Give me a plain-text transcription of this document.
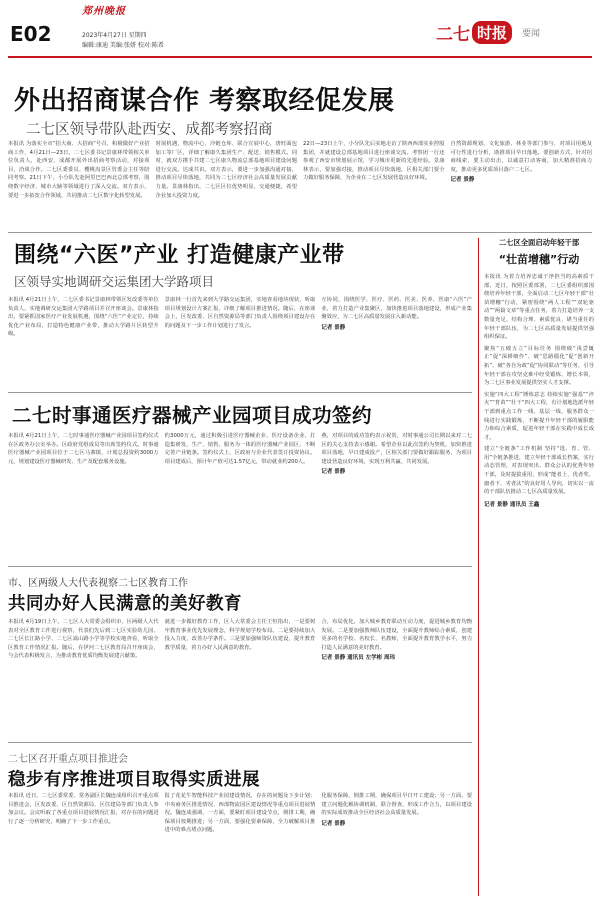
E02
郑州晚报
2023年4月27日 星期四
编辑:康迪 美编:张妍 校对:陈希
二七 时报	要闻
外出招商谋合作 考察取经促发展
二七区领导带队赴西安、成都考察招商
本报讯 为落实全市“招大商、大招商”号召，积极做好产业招商工作，4月21日—23日，二七区委书记景康林带领相关单位负责人，赴西安、成都开展外出招商考察活动，对接项目，洽谈合作。二七区委委员、樱桃沟景区管委会主任等陪同考察。21日下午，小分队先赴阿里巴巴西北总部考察，围绕数字经济、城市大脑等领域进行了深入交流。双方表示，要进一步拓宽合作领域，共同推动二七区数字化转型发展。
时展机遇，物流中心、冷链仓库、联合宣展中心，唐旺面包加工等厂区，详细了解康久集团生产、配送、销售模式。同时，就双方携手共建二七区康久物流总部基地项目建设问题进行交流。达成共识。双方表示，要进一步加强沟通对接，推动项目尽快落地，共同为二七区经济社会高质量发展贡献力量。景康林指出，二七区区位优势明显，交通便捷，希望企业加大投资力度。
22日—23日上午，小分队先后实地走访了陕西西部实业控股集团，并就建设总部基地项目进行座谈交流。考察团一行还参观了西安市规划展示馆，学习城市更新的先进经验。景康林表示，要加强对接，推动项目尽快落地，区相关部门要全力做好服务保障，为企业在二七区发展营造良好环境。
自然资源规划、文化旅游、林业等部门参与，对项目用地及可行性进行分析，助推项目早日落地。要创新方式，针对招商线索，要主动出击，以诚意打动客商，加大精准招商力度，推动更多优质项目落户二七区。
记者 景静
围绕“六医”产业 打造健康产业带
区领导实地调研交运集团大学路项目
本报讯 4月21日上午，二七区委书记景康林带领区发改委等单位负责人，实地调研交运集团大学路项目并召开座谈会。景康林指出，要紧抓国家医疗产业发展机遇，围绕“六医”产业定位，持续优化产业布局，打造特色健康产业带，推动大学路片区转型升级。
景康林一行首先来到大学路交运集团，实地查看地块现状，听取项目规划设计方案汇报，详细了解项目推进情况。随后，在座谈会上，区发改委、区自然资源局等部门负责人围绕项目建设存在的问题及下一步工作计划进行了发言。
互协同，围绕医学、医疗、医药、医美、医养、医康“六医”产业，着力打造产业集聚区，加快推进项目落地建设，形成产业集聚效应，为二七区高质量发展注入新动能。
记者 景静
二七区全面启动年轻干部
“壮苗增穗”行动

本报讯 为着力培养忠诚干净担当的高素质干部，近日，按照区委部署，二七区委组织部围绕培养年轻干部，全面启动二七区年轻干部“壮苗增穗”行动，紧密围绕“两人工程”“双轮驱动”“两篇文章”等重点任务，着力打造培养一支数量充足、结构合理、素质优良、堪当重任的年轻干部队伍，为二七区高质量发展提供坚强组织保证。

聚焦“五破五立”目标任务 围绕破“浅尝辄止”促“深耕细作”、破“思路僵化”促“创新开拓”、破“各自为政”促“协同联动”等任务，引导年轻干部在攻坚克难中经受锻炼、增长本领，为二七区事业发展提供坚实人才支撑。

实施“四大工程”锤炼意志 持续实施“强基”“淬火”“育苗”“壮干”四大工程，有计划地选派年轻干部到重点工作一线、基层一线、服务群众一线进行实践锻炼，不断提升年轻干部的履职能力和综合素质，促进年轻干部在实践中成长成才。

建立“全链条”工作机制 坚持“选、育、管、用”全链条推进，建立年轻干部成长档案，实行动态管理，对表现突出、群众公认的优秀年轻干部，及时提拔重用，形成“能者上、优者奖、庸者下、劣者汰”的良好用人导向，切实以一流的干部队伍推动二七区高质量发展。

记者 景静 通讯员 王鑫
二七时事通医疗器械产业园项目成功签约
本报讯 4月21日上午，二七时事通医疗器械产业园项目签约仪式在区政务办公室举办。区政府党组成员等出席签约仪式。时事通医疗器械产业园项目位于二七区马寨镇，计划总投资约3000万元，规划建设医疗器械研发、生产及配套服务设施。
约3000万元，通过积极引进医疗器械企业、医疗设备企业，打造集研发、生产、销售、服务为一体的医疗器械产业园区，不断完善产业链条。签约仪式上，区政府与企业代表签订投资协议。项目建成后，预计年产值可达1.57亿元，带动就业约200人。
燕，对项目的成功签约表示祝贺，对时事通公司长期以来对二七区的关心支持表示感谢。希望企业以此次签约为契机，加快推进项目落地，早日建成投产，区相关部门要做好跟踪服务，为项目建设营造良好环境，实现互利共赢、共同发展。
记者 景静
市、区两级人大代表视察二七区教育工作
共同办好人民满意的美好教育
本报讯 4月19日上午，二七区人大常委会组织市、区两级人大代表对全区教育工作进行视察，代表们先后到二七区实验幼儿园、二七区长江路小学、二七区嵩山路小学等学校实地查看，听取全区教育工作情况汇报。随后，在伊河二七区教育局召开座谈会，与会代表积极发言，为推动教育优质均衡发展建言献策。
就进一步做好教育工作，区人大常委会主任王恒指出，一是要树牢教育事业优先发展理念，科学规划学校布局。二是要持续加大投入力度，改善办学条件。三是要加强师资队伍建设，提升教育教学质量，着力办好人民满意的教育。
合，布局优化，加大城乡教育联动互动力度，促进城乡教育均衡发展。二是要加强教师队伍建设，全面提升教师综合素质，创建更多的名学校、名校长、名教师，全面提升教育教学水平，努力打造人民满意的美好教育。
记者 景静 通讯员 左学彬 周玮
二七区召开重点项目推进会
稳步有序推进项目取得实质进展
本报讯 近日，二七区委常委、常务副区长魏连成组织召开重点项目推进会，区发改委、区自然资源局、区住建局等部门负责人参加会议。会议听取了各重点项目进展情况汇报，对存在的问题进行了逐一分析研究，明确了下一步工作重点。
报了花花牛智能科技产业园建设情况，存在的问题及下步计划；中央商务区推进情况、西部物流园区建设情况等重点项目进展情况。魏连成强调，一方面，要紧盯项目建设节点，倒排工期，确保项目按期推进；另一方面，要强化要素保障，全力破解项目推进中的难点堵点问题。
化服务保障，倒排工期，确保项目早日开工建设；另一方面，要建立问题化解协调机制，联合督查，形成工作合力，以项目建设的实际成效推动全区经济社会高质量发展。
记者 景静
